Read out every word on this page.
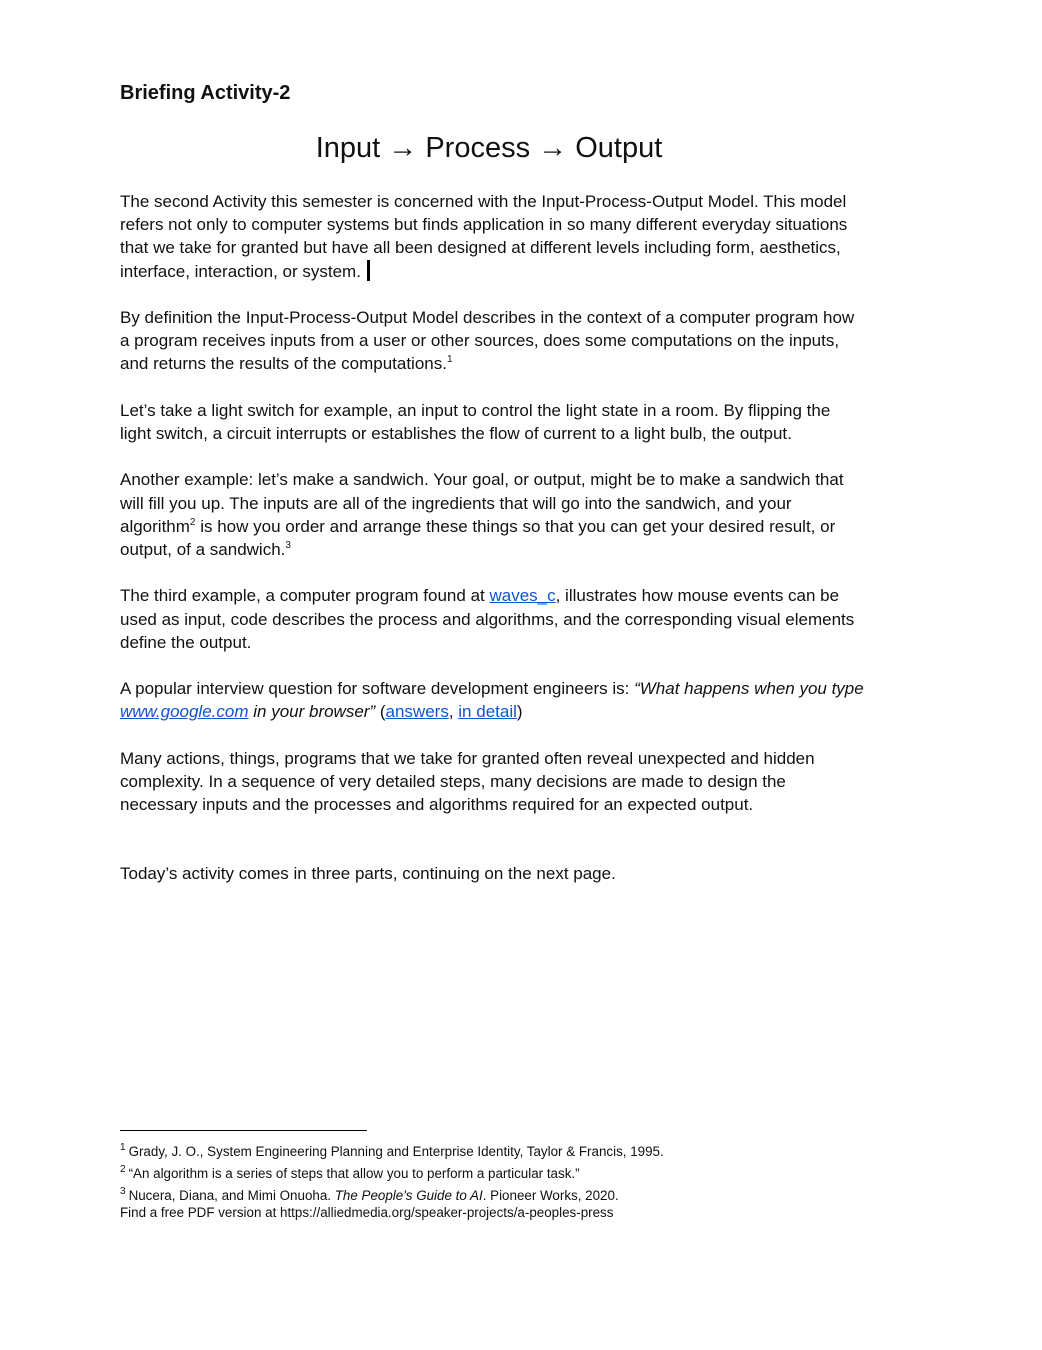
Briefing Activity-2
Input → Process → Output

The second Activity this semester is concerned with the Input-Process-Output Model. This model refers not only to computer systems but finds application in so many different everyday situations that we take for granted but have all been designed at different levels including form, aesthetics, interface, interaction, or system.

By definition the Input-Process-Output Model describes in the context of a computer program how a program receives inputs from a user or other sources, does some computations on the inputs, and returns the results of the computations.$^1$

Let’s take a light switch for example, an input to control the light state in a room. By flipping the light switch, a circuit interrupts or establishes the flow of current to a light bulb, the output.

Another example: let’s make a sandwich. Your goal, or output, might be to make a sandwich that will fill you up. The inputs are all of the ingredients that will go into the sandwich, and your algorithm$^2$ is how you order and arrange these things so that you can get your desired result, or output, of a sandwich.$^3$

The third example, a computer program found at waves_c, illustrates how mouse events can be used as input, code describes the process and algorithms, and the corresponding visual elements define the output.

A popular interview question for software development engineers is: “What happens when you type www.google.com in your browser” (answers, in detail)

Many actions, things, programs that we take for granted often reveal unexpected and hidden complexity. In a sequence of very detailed steps, many decisions are made to design the necessary inputs and the processes and algorithms required for an expected output.

Today’s activity comes in three parts, continuing on the next page.

$^1$ Grady, J. O., System Engineering Planning and Enterprise Identity, Taylor & Francis, 1995.

$^2$ “An algorithm is a series of steps that allow you to perform a particular task.”

$^3$ Nucera, Diana, and Mimi Onuoha. The People's Guide to AI. Pioneer Works, 2020.

Find a free PDF version at https://alliedmedia.org/speaker-projects/a-peoples-press
